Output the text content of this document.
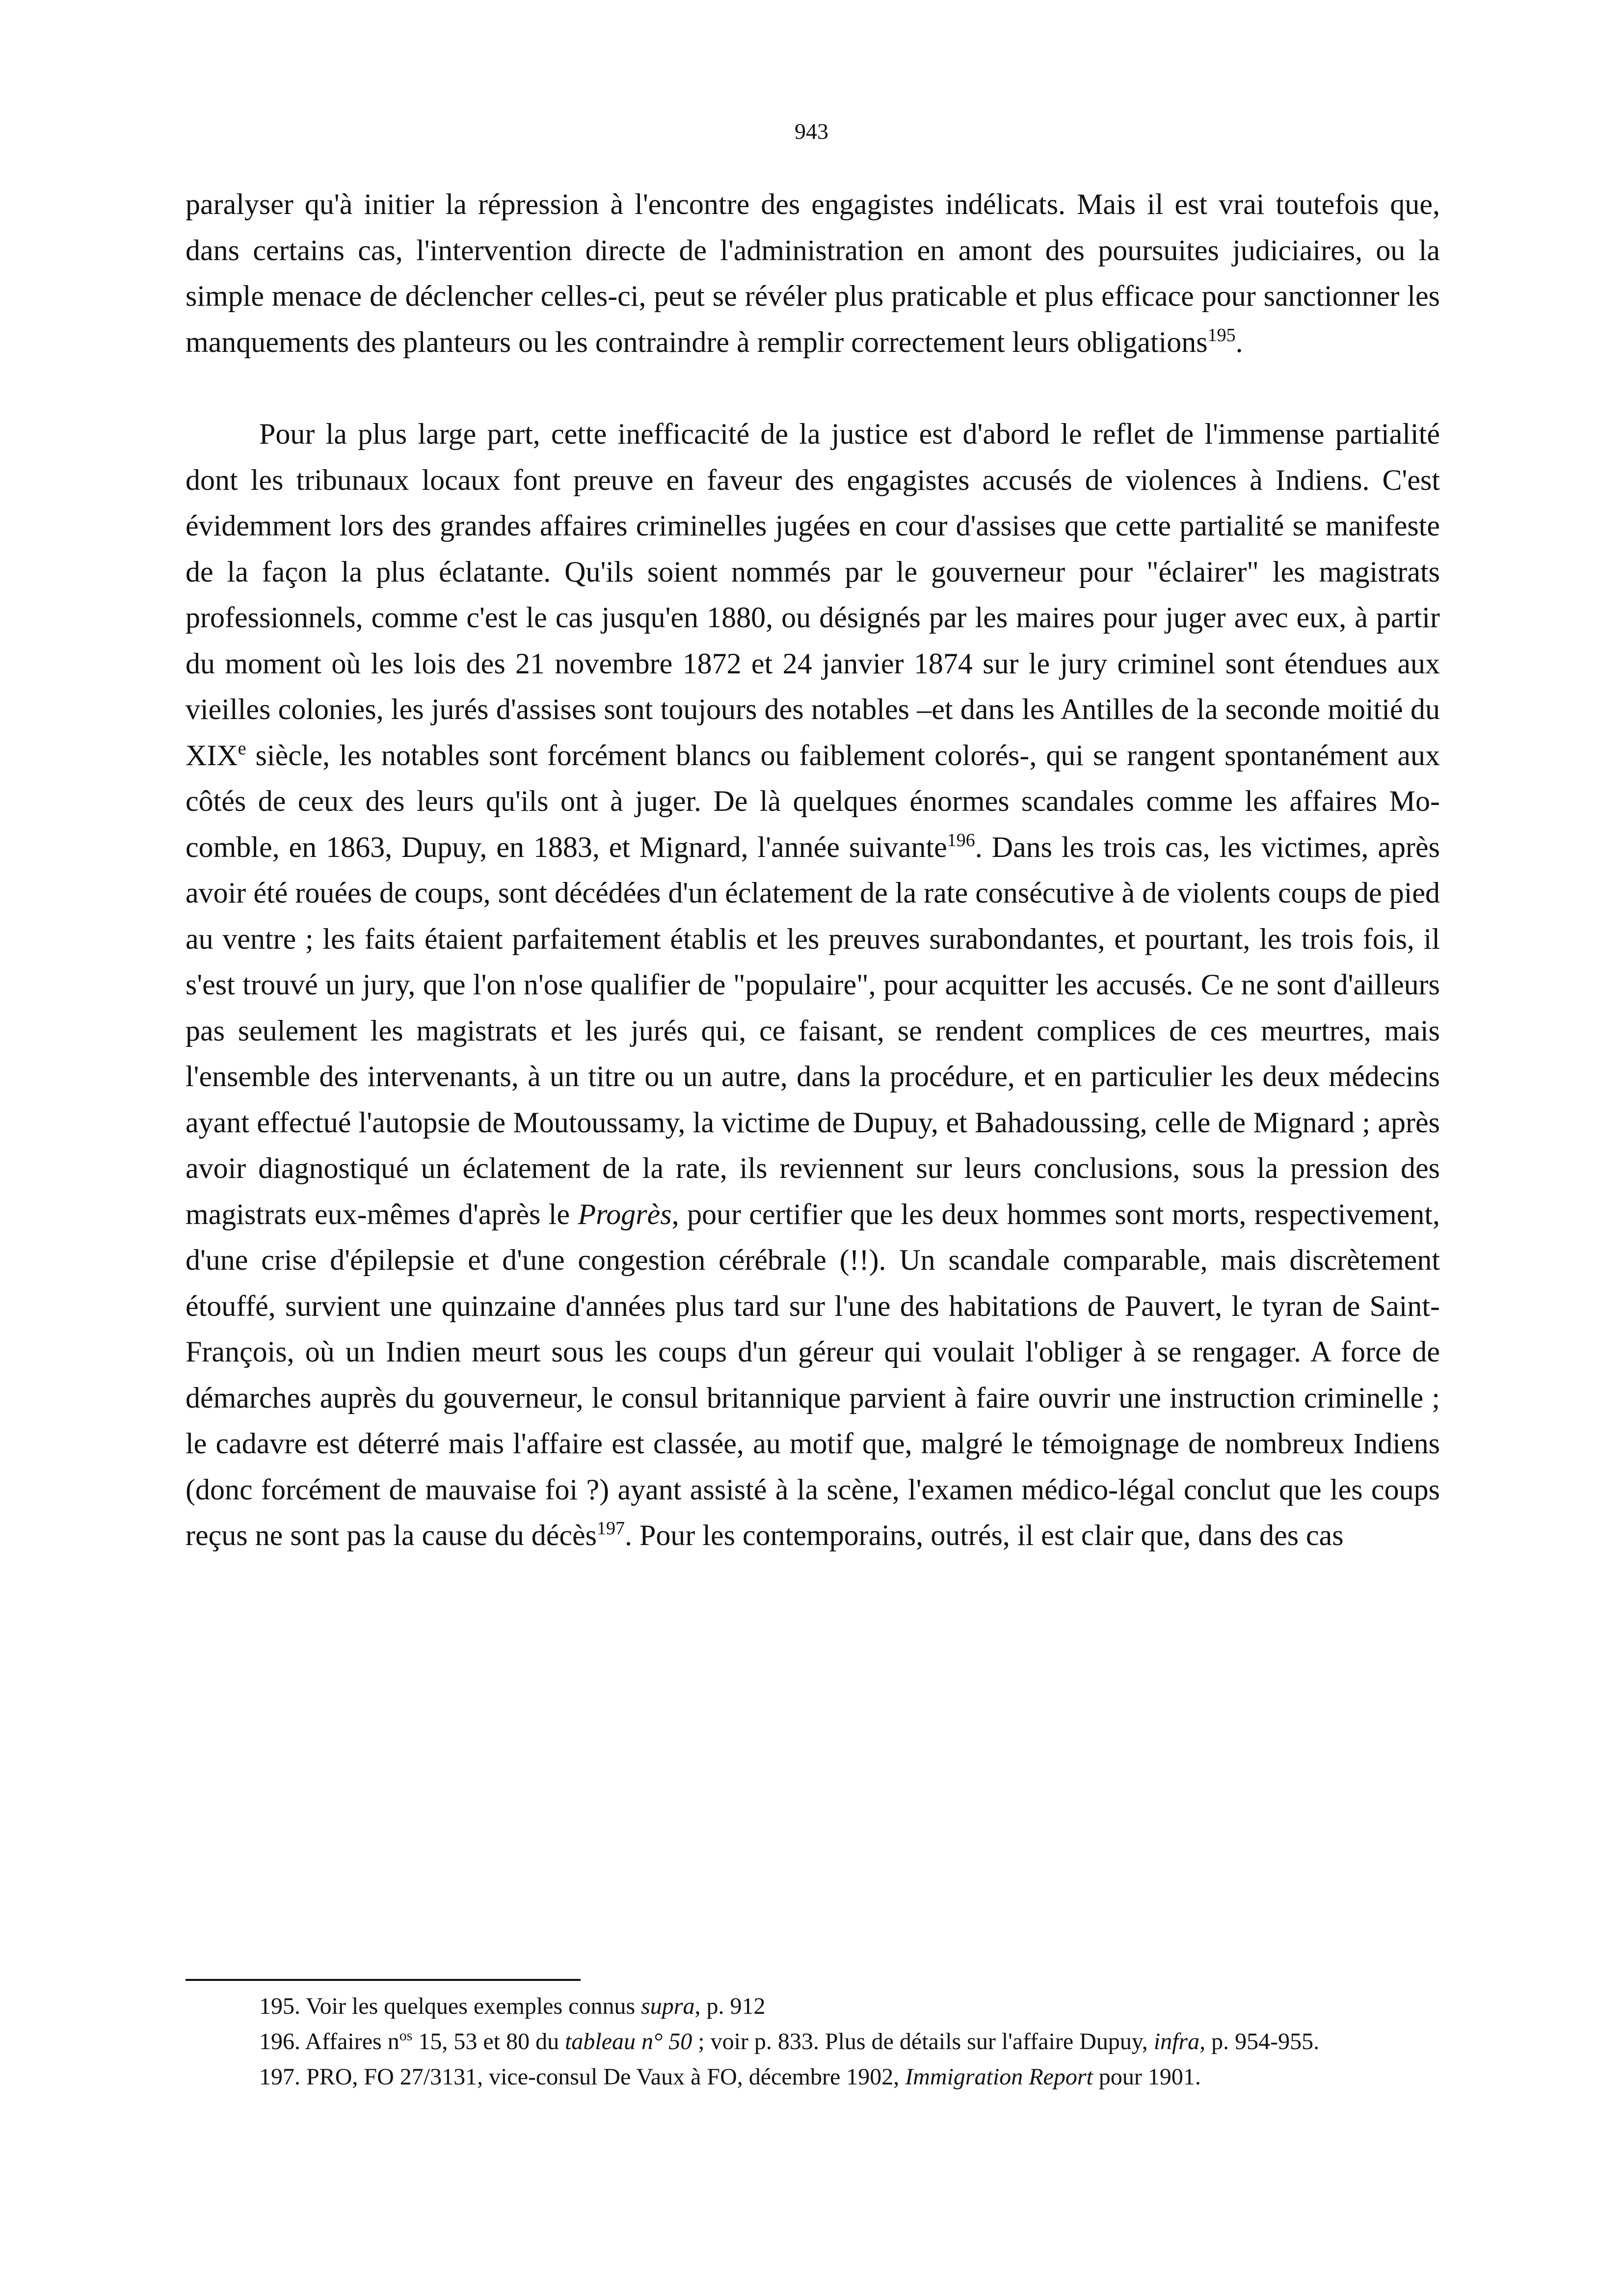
943

paralyser qu'à initier la répression à l'encontre des engagistes indélicats. Mais il est vrai toutefois que, dans certains cas, l'intervention directe de l'administration en amont des poursuites judiciaires, ou la simple menace de déclencher celles-ci, peut se révéler plus praticable et plus efficace pour sanctionner les manquements des planteurs ou les contraindre à remplir correctement leurs obligations$^{195}$.

Pour la plus large part, cette inefficacité de la justice est d'abord le reflet de l'immense partialité dont les tribunaux locaux font preuve en faveur des engagistes accusés de violences à Indiens. C'est évidemment lors des grandes affaires criminelles jugées en cour d'assises que cette partialité se manifeste de la façon la plus éclatante. Qu'ils soient nommés par le gouverneur pour "éclairer" les magistrats professionnels, comme c'est le cas jusqu'en 1880, ou désignés par les maires pour juger avec eux, à partir du moment où les lois des 21 novembre 1872 et 24 janvier 1874 sur le jury criminel sont étendues aux vieilles colonies, les jurés d'assises sont toujours des notables –et dans les Antilles de la seconde moitié du XIXe siècle, les notables sont forcément blancs ou faiblement colorés-, qui se rangent spontanément aux côtés de ceux des leurs qu'ils ont à juger. De là quelques énormes scandales comme les affaires Mocomble, en 1863, Dupuy, en 1883, et Mignard, l'année suivante$^{196}$. Dans les trois cas, les victimes, après avoir été rouées de coups, sont décédées d'un éclatement de la rate consécutive à de violents coups de pied au ventre ; les faits étaient parfaitement établis et les preuves surabondantes, et pourtant, les trois fois, il s'est trouvé un jury, que l'on n'ose qualifier de "populaire", pour acquitter les accusés. Ce ne sont d'ailleurs pas seulement les magistrats et les jurés qui, ce faisant, se rendent complices de ces meurtres, mais l'ensemble des intervenants, à un titre ou un autre, dans la procédure, et en particulier les deux médecins ayant effectué l'autopsie de Moutoussamy, la victime de Dupuy, et Bahadoussing, celle de Mignard ; après avoir diagnostiqué un éclatement de la rate, ils reviennent sur leurs conclusions, sous la pression des magistrats eux-mêmes d'après le Progrès, pour certifier que les deux hommes sont morts, respectivement, d'une crise d'épilepsie et d'une congestion cérébrale (!!). Un scandale comparable, mais discrètement étouffé, survient une quinzaine d'années plus tard sur l'une des habitations de Pauvert, le tyran de Saint-François, où un Indien meurt sous les coups d'un géreur qui voulait l'obliger à se rengager. A force de démarches auprès du gouverneur, le consul britannique parvient à faire ouvrir une instruction criminelle ; le cadavre est déterré mais l'affaire est classée, au motif que, malgré le témoignage de nombreux Indiens (donc forcément de mauvaise foi ?) ayant assisté à la scène, l'examen médico-légal conclut que les coups reçus ne sont pas la cause du décès$^{197}$. Pour les contemporains, outrés, il est clair que, dans des cas

195. Voir les quelques exemples connus supra, p. 912

196. Affaires $n^{os}$ 15, 53 et 80 du tableau n° 50 ; voir p. 833. Plus de détails sur l'affaire Dupuy, infra, p. 954-955.

197. PRO, FO 27/3131, vice-consul De Vaux à FO, décembre 1902, Immigration Report pour 1901.
